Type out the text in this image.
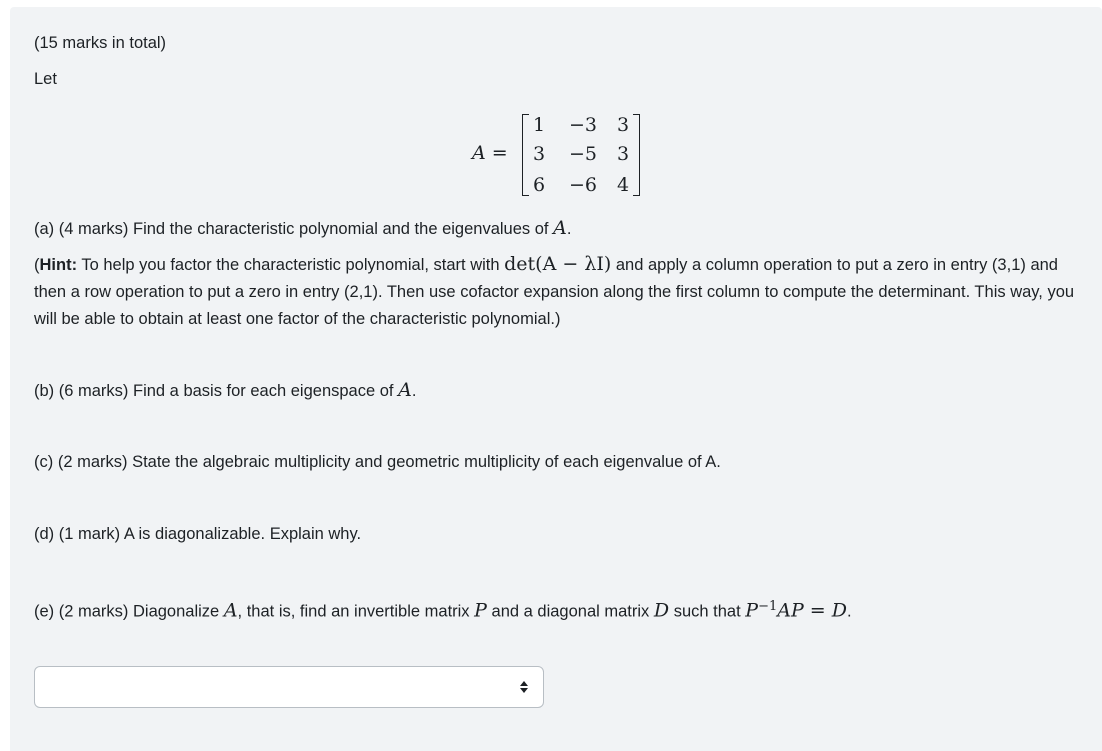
(15 marks in total)
Let
A =
1	−3	3
3	−5	3
6	−6	4
(a) (4 marks) Find the characteristic polynomial and the eigenvalues of A.
(Hint: To help you factor the characteristic polynomial, start with det(A − λI) and apply a column operation to put a zero in entry (3,1) and then a row operation to put a zero in entry (2,1). Then use cofactor expansion along the first column to compute the determinant. This way, you will be able to obtain at least one factor of the characteristic polynomial.)
(b) (6 marks) Find a basis for each eigenspace of A.
(c) (2 marks) State the algebraic multiplicity and geometric multiplicity of each eigenvalue of A.
(d) (1 mark) A is diagonalizable. Explain why.
(e) (2 marks) Diagonalize A, that is, find an invertible matrix P and a diagonal matrix D such that $P^{-1}AP = D$.
